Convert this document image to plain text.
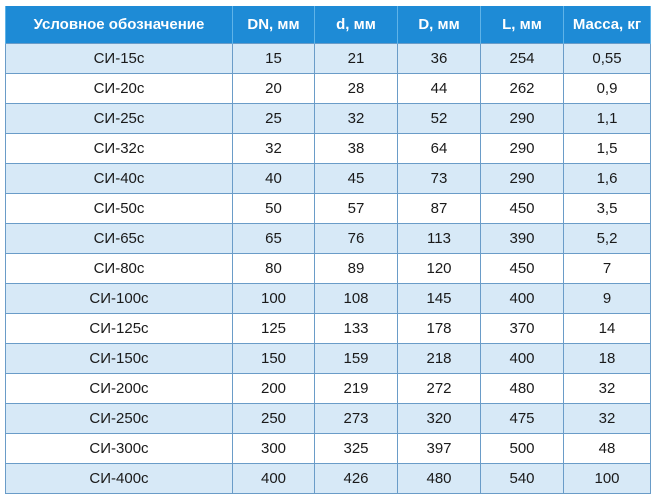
Условное обозначение	DN, мм	d, мм	D, мм	L, мм	Масса, кг
СИ-15с	15	21	36	254	0,55
СИ-20с	20	28	44	262	0,9
СИ-25с	25	32	52	290	1,1
СИ-32с	32	38	64	290	1,5
СИ-40с	40	45	73	290	1,6
СИ-50с	50	57	87	450	3,5
СИ-65с	65	76	113	390	5,2
СИ-80с	80	89	120	450	7
СИ-100с	100	108	145	400	9
СИ-125с	125	133	178	370	14
СИ-150с	150	159	218	400	18
СИ-200с	200	219	272	480	32
СИ-250с	250	273	320	475	32
СИ-300с	300	325	397	500	48
СИ-400с	400	426	480	540	100
